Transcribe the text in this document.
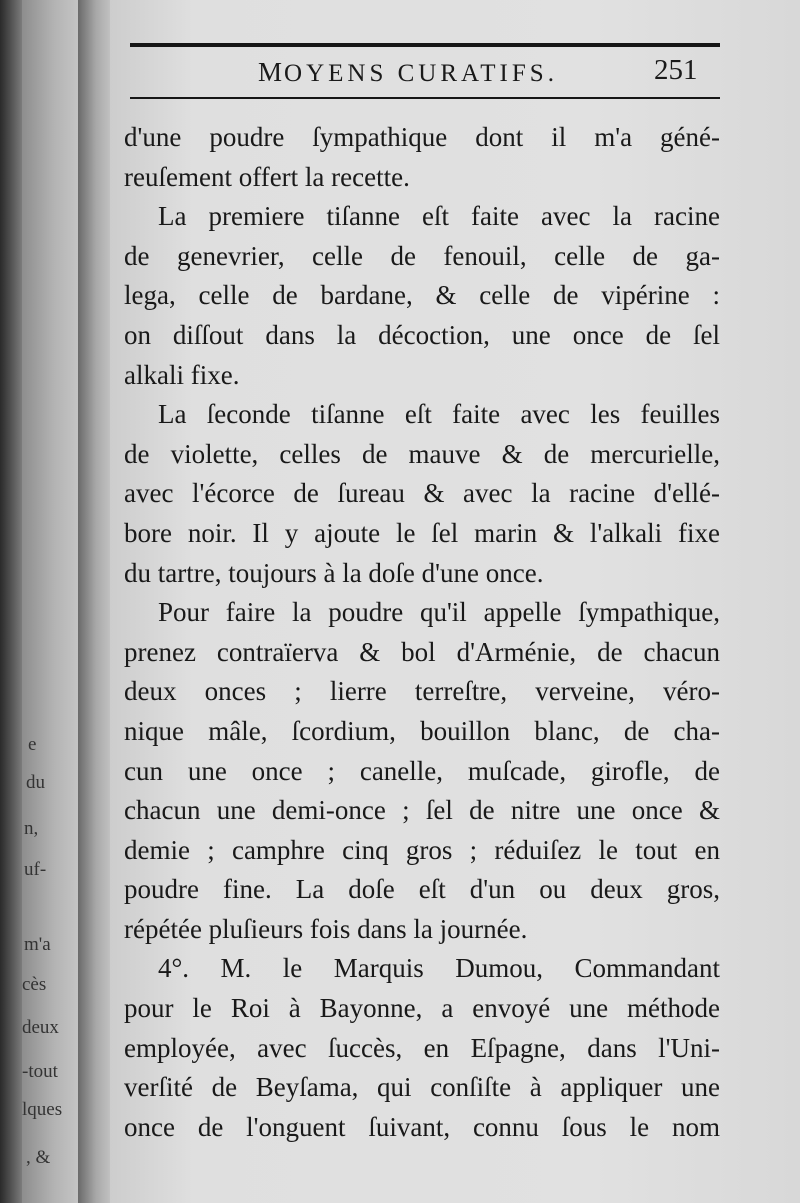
e
du
n,
uf-
m'a
cès
deux
-tout
lques
, &
MOYENS CURATIFS.	251
d'une poudre ſympathique dont il m'a géné-
reuſement offert la recette.
La premiere tiſanne eſt faite avec la racine
de genevrier, celle de fenouil, celle de ga-
lega, celle de bardane, & celle de vipérine :
on diſſout dans la décoction, une once de ſel
alkali fixe.
La ſeconde tiſanne eſt faite avec les feuilles
de violette, celles de mauve & de mercurielle,
avec l'écorce de ſureau & avec la racine d'ellé-
bore noir. Il y ajoute le ſel marin & l'alkali fixe
du tartre, toujours à la doſe d'une once.
Pour faire la poudre qu'il appelle ſympathique,
prenez contraïerva & bol d'Arménie, de chacun
deux onces ; lierre terreſtre, verveine, véro-
nique mâle, ſcordium, bouillon blanc, de cha-
cun une once ; canelle, muſcade, girofle, de
chacun une demi-once ; ſel de nitre une once &
demie ; camphre cinq gros ; réduiſez le tout en
poudre fine. La doſe eſt d'un ou deux gros,
répétée pluſieurs fois dans la journée.
4°. M. le Marquis Dumou, Commandant
pour le Roi à Bayonne, a envoyé une méthode
employée, avec ſuccès, en Eſpagne, dans l'Uni-
verſité de Beyſama, qui conſiſte à appliquer une
once de l'onguent ſuivant, connu ſous le nom
